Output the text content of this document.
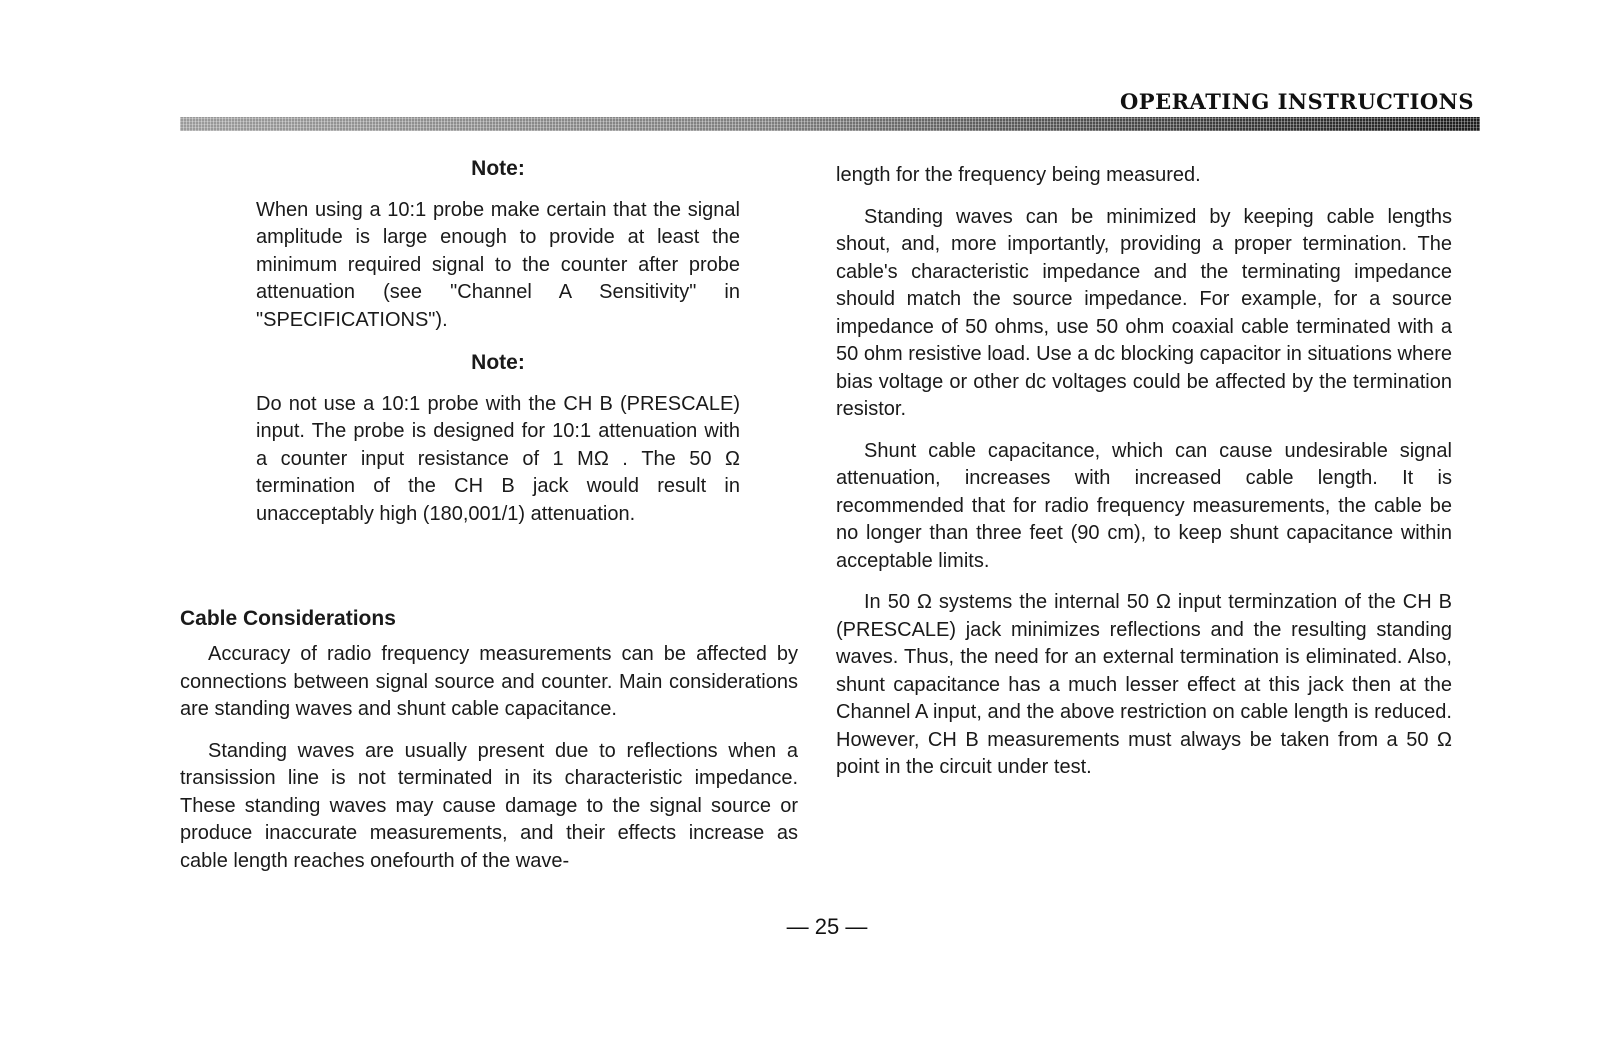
OPERATING INSTRUCTIONS

Note:

When using a 10:1 probe make certain that the signal amplitude is large enough to provide at least the minimum required signal to the counter after probe attenuation (see "Channel A Sensitivity" in "SPECIFICATIONS").

Note:

Do not use a 10:1 probe with the CH B (PRESCALE) input. The probe is designed for 10:1 attenuation with a counter input resistance of 1 MΩ . The 50 Ω termination of the CH B jack would result in unacceptably high (180,001/1) attenuation.

Cable Considerations

Accuracy of radio frequency measurements can be affected by connections between signal source and counter. Main considerations are standing waves and shunt cable capacitance.

Standing waves are usually present due to reflections when a transission line is not terminated in its characteristic impedance. These standing waves may cause damage to the signal source or produce inaccurate measurements, and their effects increase as cable length reaches onefourth of the wave-

length for the frequency being measured.

Standing waves can be minimized by keeping cable lengths shout, and, more importantly, providing a proper termination. The cable's characteristic impedance and the terminating impedance should match the source impedance. For example, for a source impedance of 50 ohms, use 50 ohm coaxial cable terminated with a 50 ohm resistive load. Use a dc blocking capacitor in situations where bias voltage or other dc voltages could be affected by the termination resistor.

Shunt cable capacitance, which can cause undesirable signal attenuation, increases with increased cable length. It is recommended that for radio frequency measurements, the cable be no longer than three feet (90 cm), to keep shunt capacitance within acceptable limits.

In 50 Ω systems the internal 50 Ω input terminzation of the CH B (PRESCALE) jack minimizes reflections and the resulting standing waves. Thus, the need for an external termination is eliminated. Also, shunt capacitance has a much lesser effect at this jack then at the Channel A input, and the above restriction on cable length is reduced. However, CH B measurements must always be taken from a 50 Ω point in the circuit under test.

— 25 —
